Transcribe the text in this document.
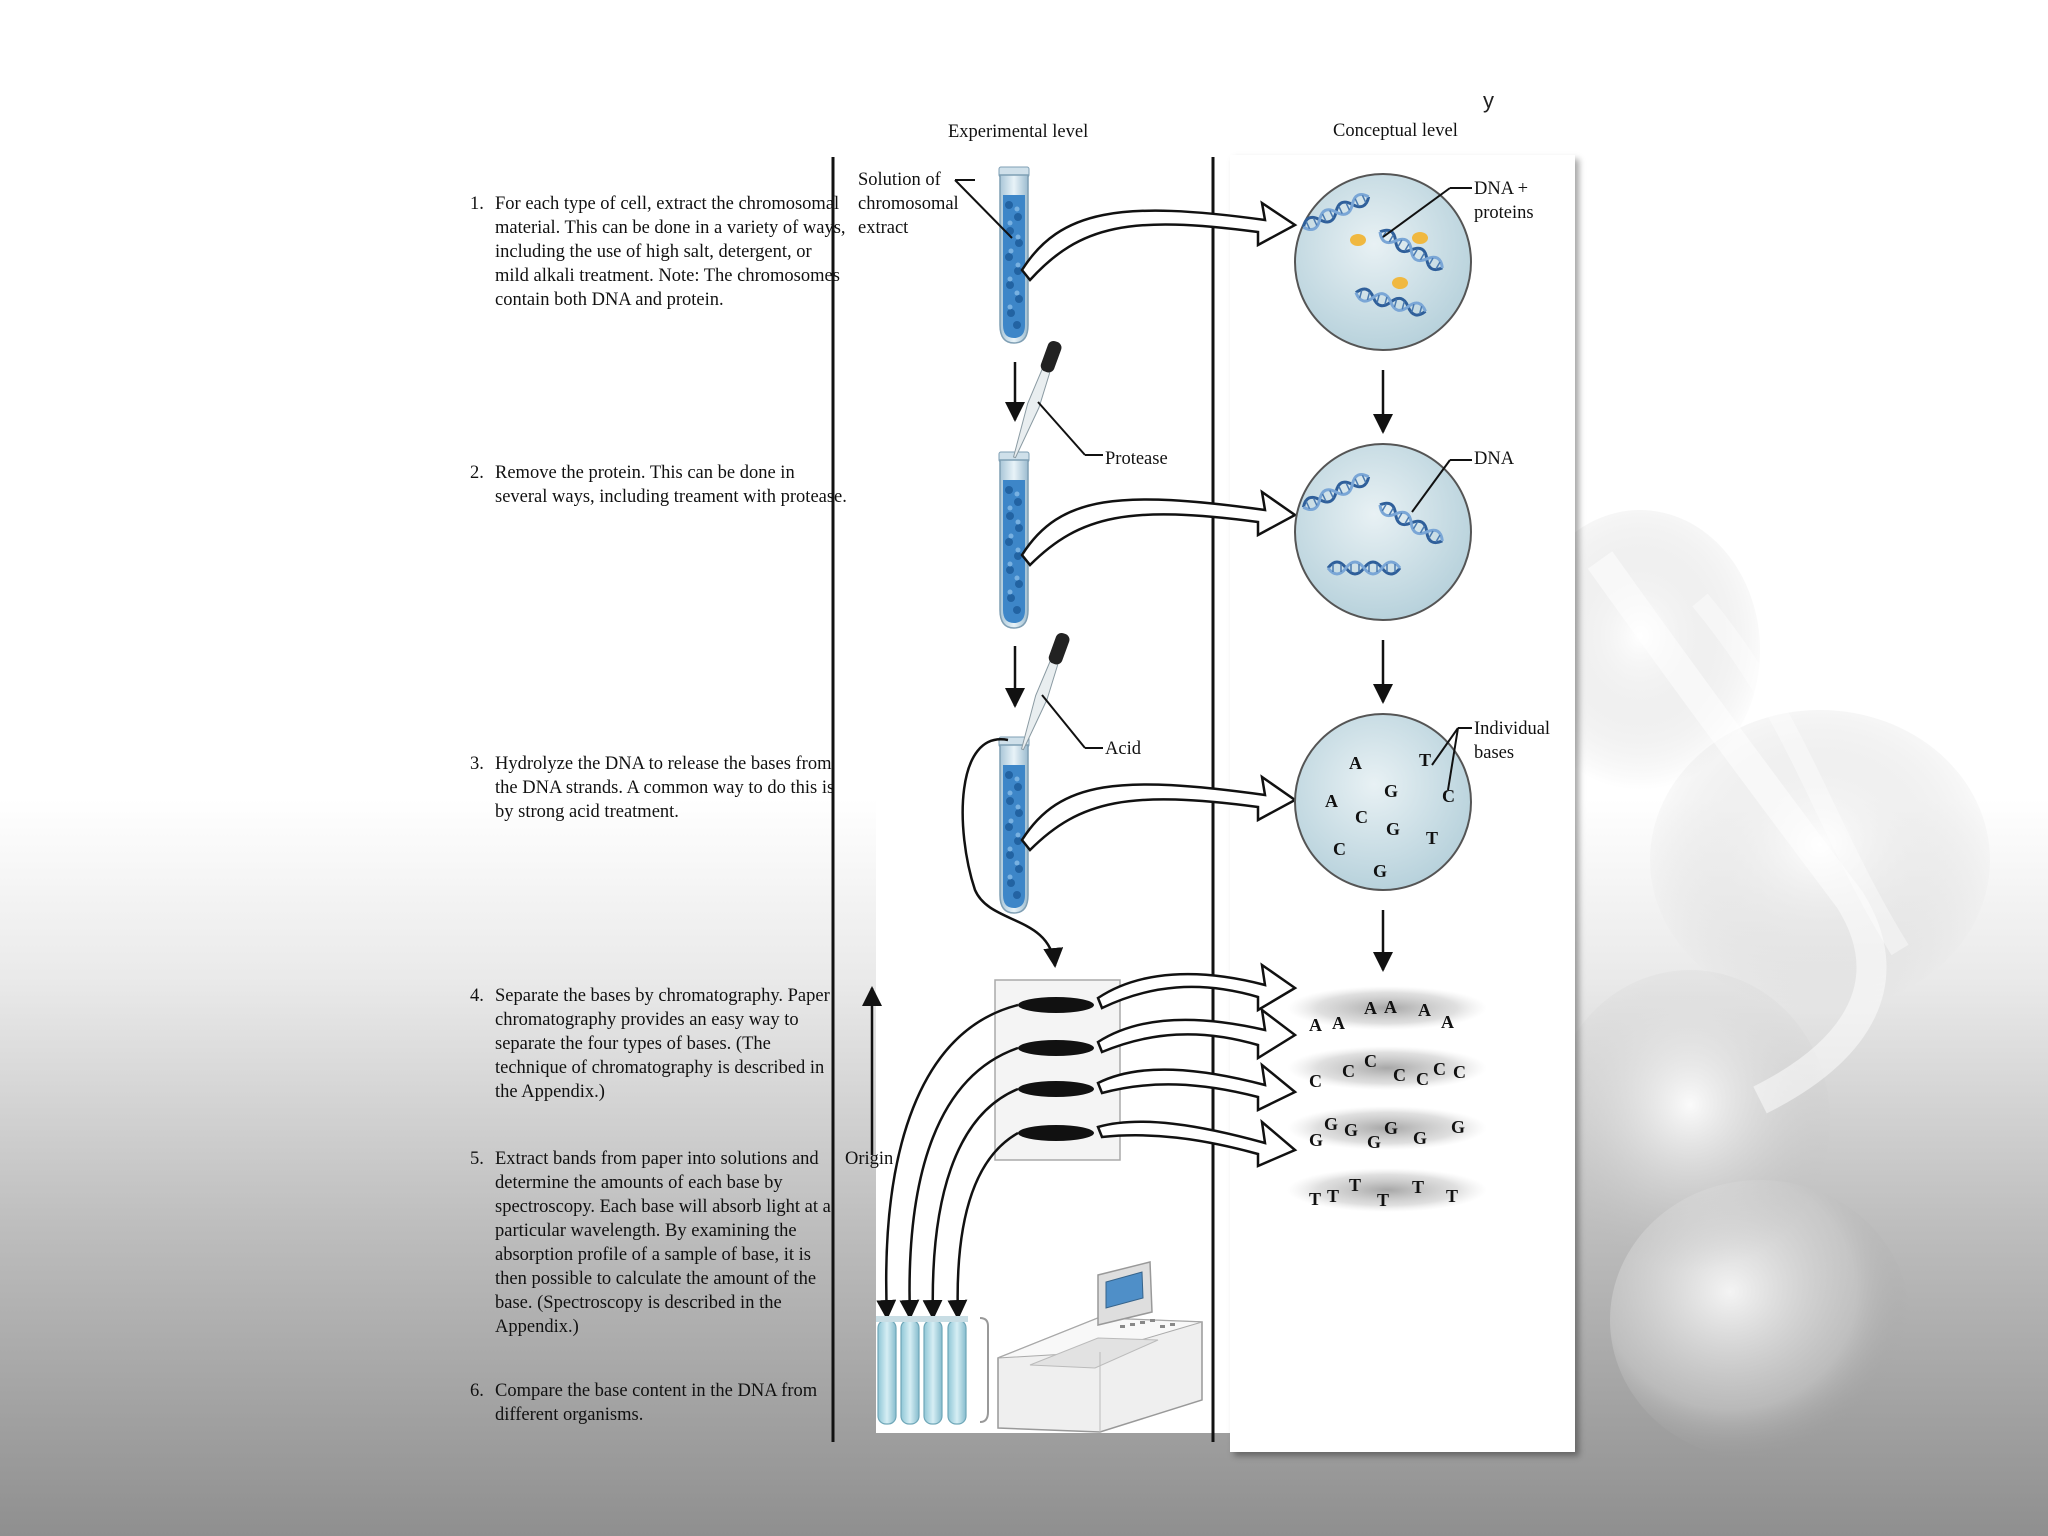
Experimental level	Conceptual level
y
1. For each type of cell, extract the chromosomal material. This can be done in a variety of ways, including the use of high salt, detergent, or mild alkali treatment. Note: The chromosomes contain both DNA and protein.
2. Remove the protein. This can be done in several ways, including treament with protease.
3. Hydrolyze the DNA to release the bases from the DNA strands. A common way to do this is by strong acid treatment.
4. Separate the bases by chromatography. Paper chromatography provides an easy way to separate the four types of bases. (The technique of chromatography is described in the Appendix.)
5. Extract bands from paper into solutions and determine the amounts of each base by spectroscopy. Each base will absorb light at a particular wavelength. By examining the absorption profile of a sample of base, it is then possible to calculate the amount of the base. (Spectroscopy is described in the Appendix.)
6. Compare the base content in the DNA from different organisms.
Solution of chromosomal extract
Protease
Acid
Origin
DNA + proteins
DNA
Individual bases
A	T
G C
A
C
G T
C
G
A A
A A A
A
C C C
C C C C
G
G G
G
G G
G
T T
T
T
T T
